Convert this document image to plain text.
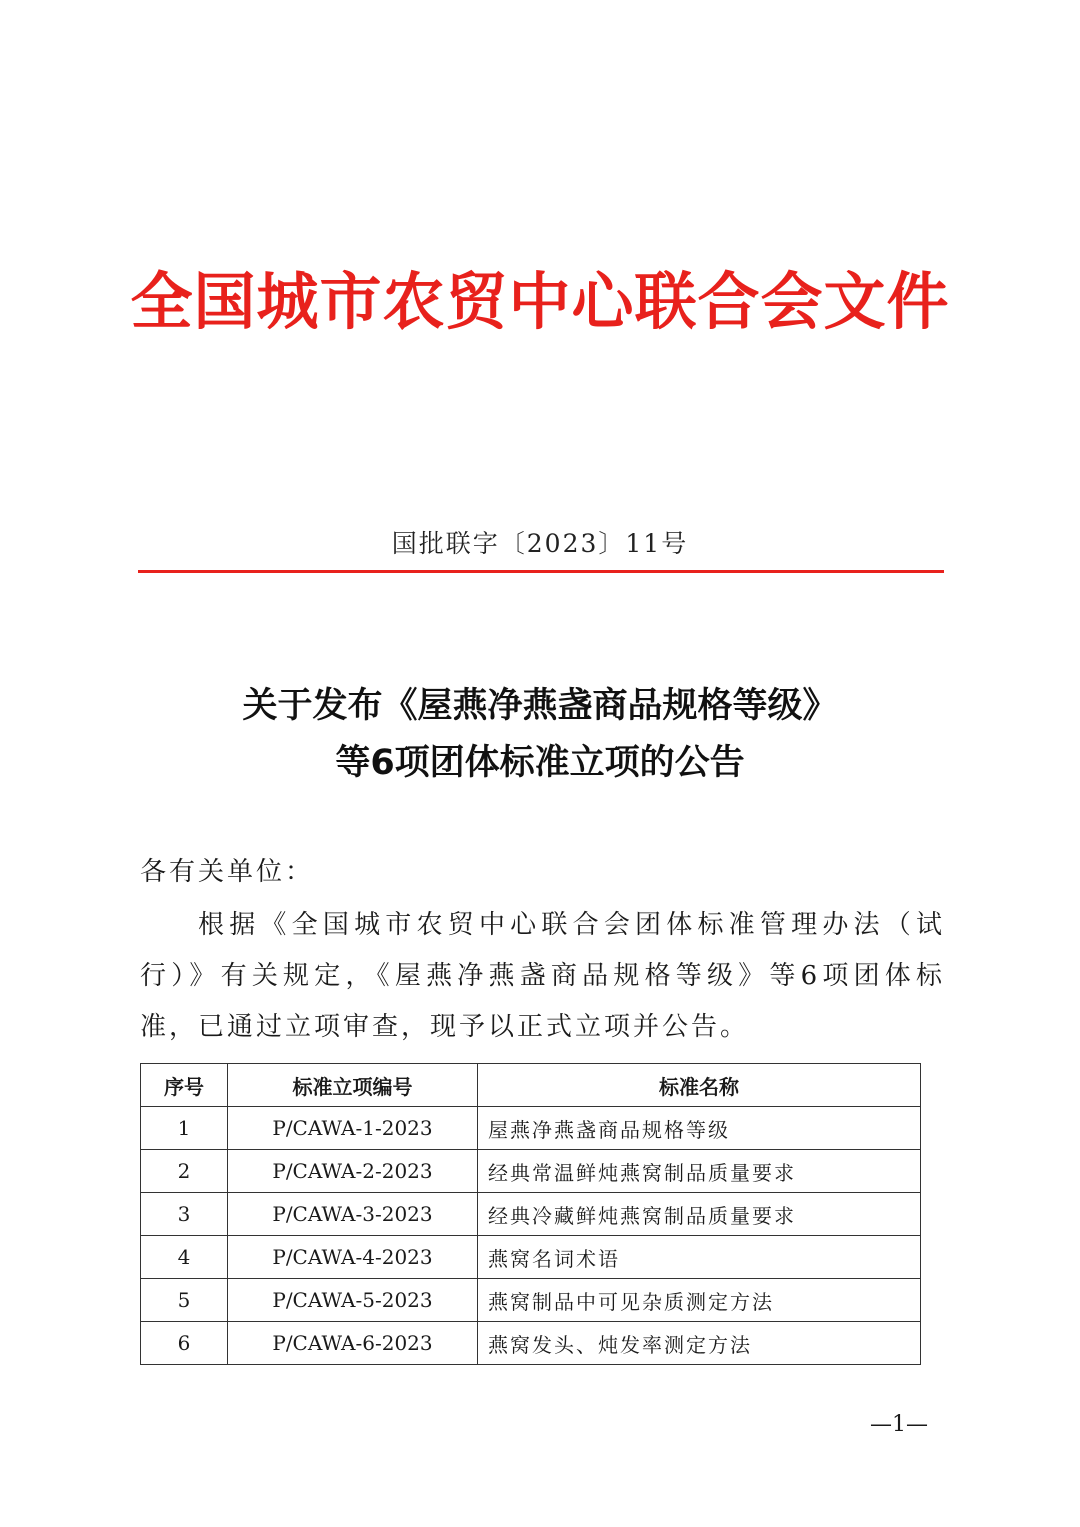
全国城市农贸中心联合会文件
国批联字〔2023〕11号
关于发布《屋燕净燕盏商品规格等级》
等6项团体标准立项的公告
各有关单位：
根据《全国城市农贸中心联合会团体标准管理办法（试行）》有关规定，《屋燕净燕盏商品规格等级》等6项团体标准，已通过立项审查，现予以正式立项并公告。
序号	标准立项编号	标准名称
1	P/CAWA-1-2023	屋燕净燕盏商品规格等级
2	P/CAWA-2-2023	经典常温鲜炖燕窝制品质量要求
3	P/CAWA-3-2023	经典冷藏鲜炖燕窝制品质量要求
4	P/CAWA-4-2023	燕窝名词术语
5	P/CAWA-5-2023	燕窝制品中可见杂质测定方法
6	P/CAWA-6-2023	燕窝发头、炖发率测定方法
—1—
